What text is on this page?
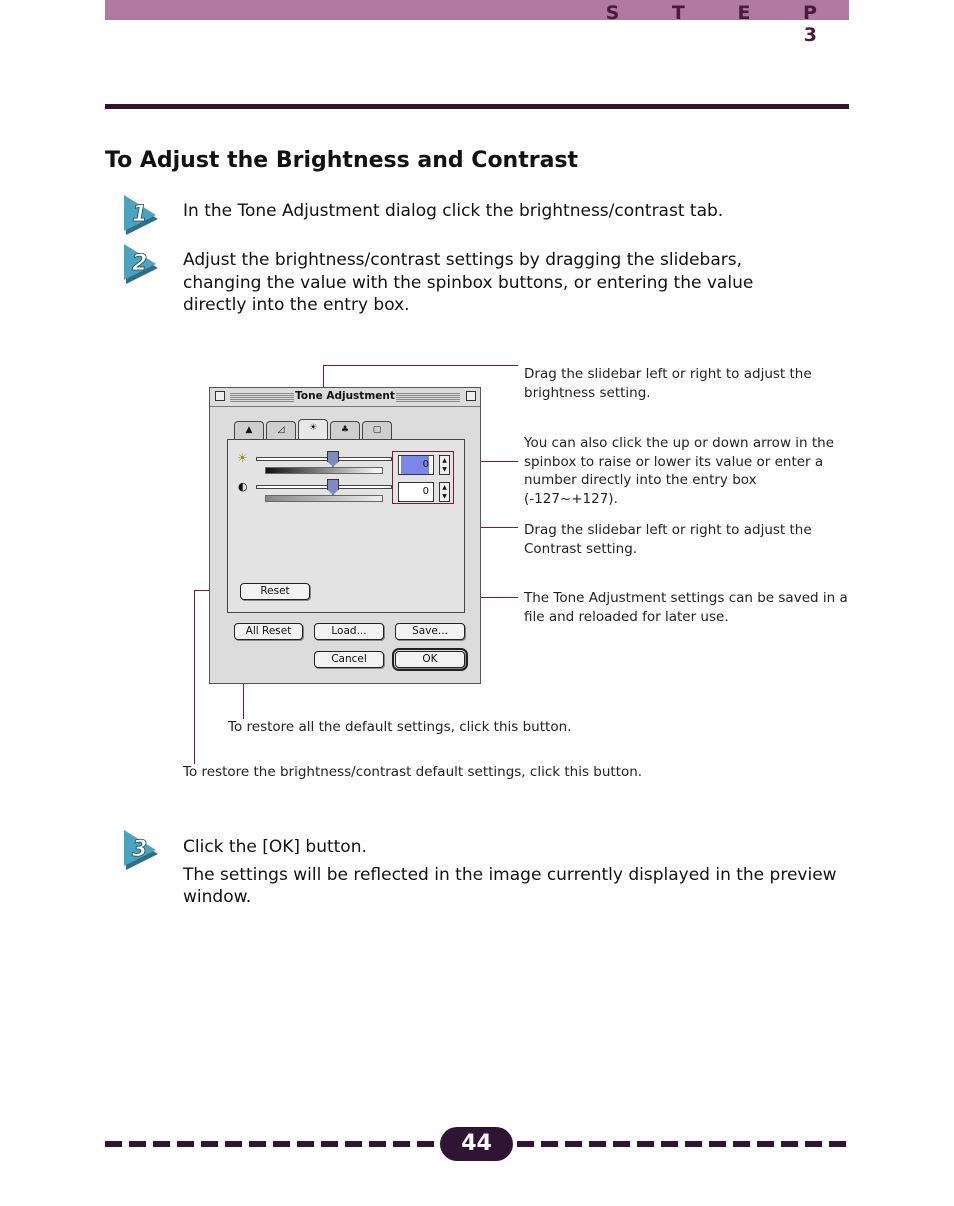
S T E P 3
To Adjust the Brightness and Contrast
1 In the Tone Adjustment dialog click the brightness/contrast tab.
2 Adjust the brightness/contrast settings by dragging the slidebars,
changing the value with the spinbox buttons, or entering the value
directly into the entry box.
Drag the slidebar left or right to adjust the
brightness setting.
You can also click the up or down arrow in the
spinbox to raise or lower its value or enter a
number directly into the entry box (-127~+127).
Drag the slidebar left or right to adjust the
Contrast setting.
The Tone Adjustment settings can be saved in a
file and reloaded for later use.
To restore all the default settings, click this button.
To restore the brightness/contrast default settings, click this button.
Tone Adjustment
▲	◿	☀	♣	▢
☀
◐
0	▲
▼
0	▲
▼
Reset
All Reset	Load...	Save...
Cancel	OK
3 Click the [OK] button.
The settings will be reflected in the image currently displayed in the preview
window.
44
